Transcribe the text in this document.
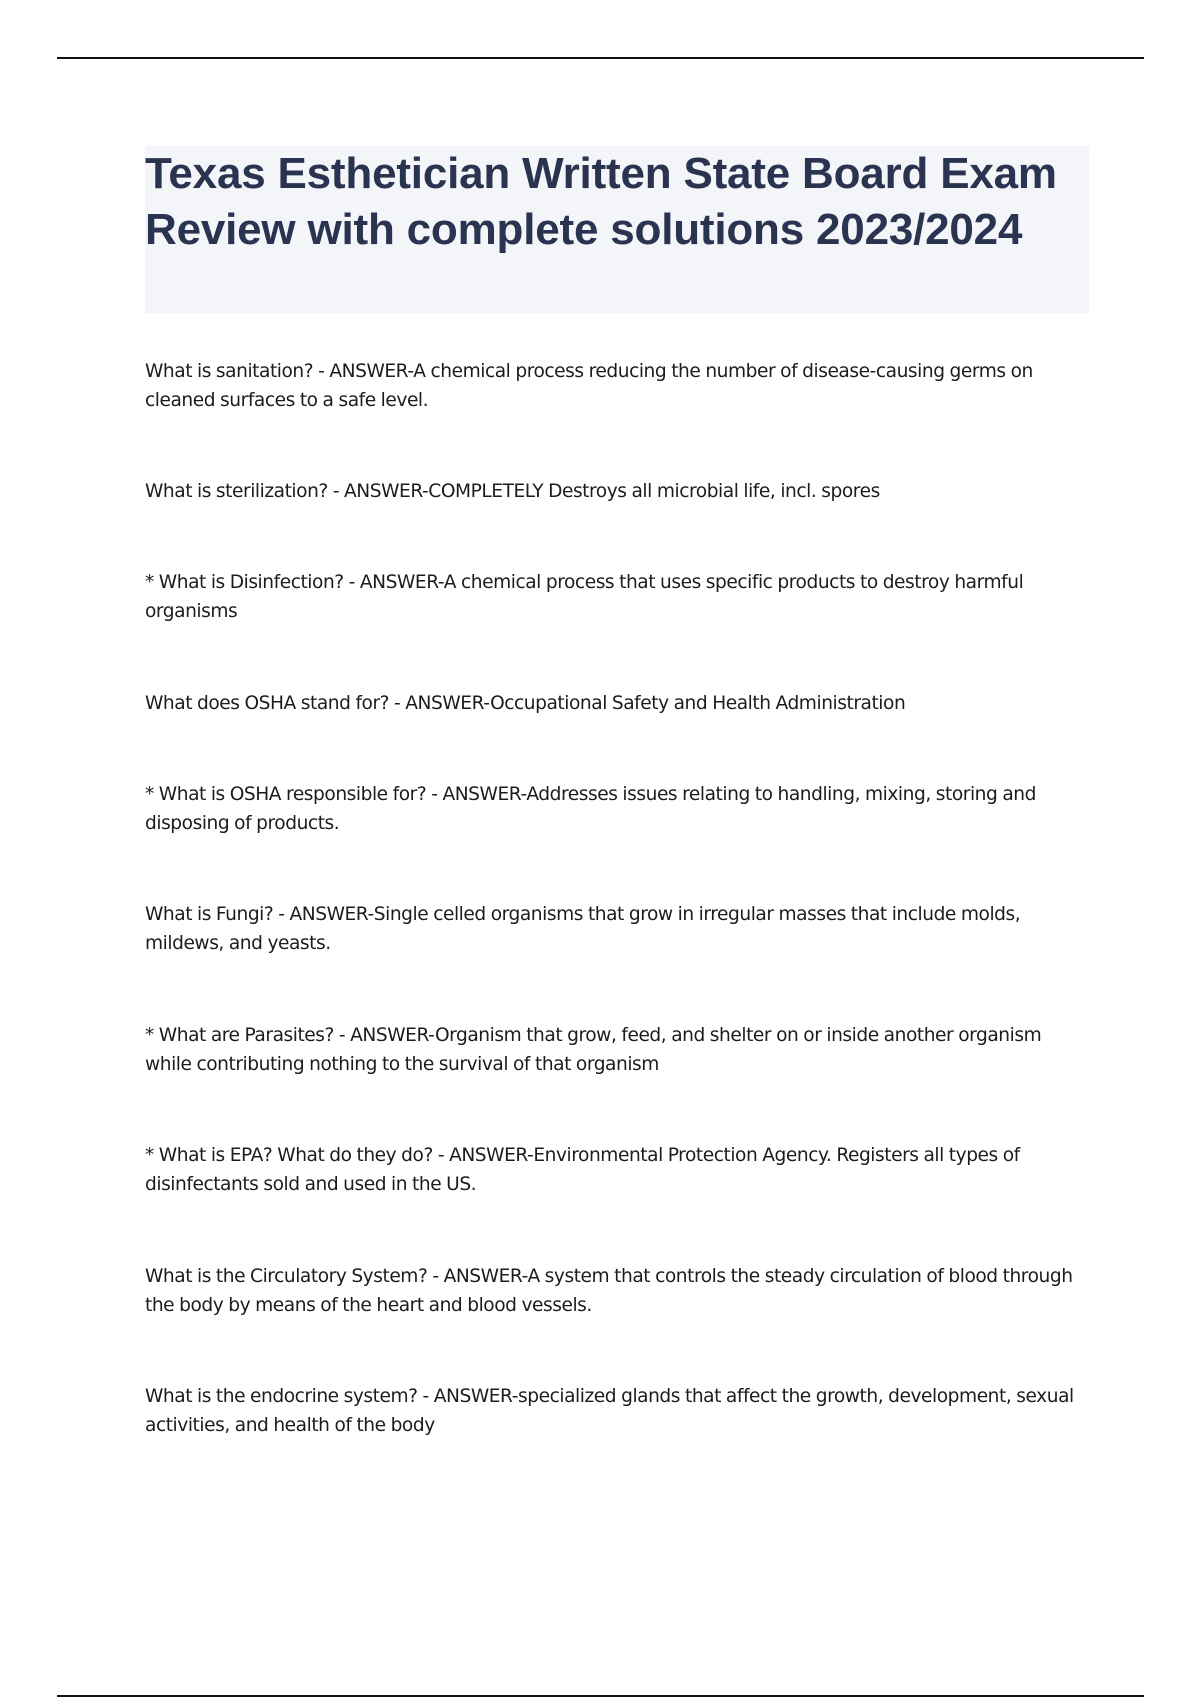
Texas Esthetician Written State Board Exam Review with complete solutions 2023/2024

What is sanitation? - ANSWER-A chemical process reducing the number of disease-causing germs on cleaned surfaces to a safe level.

What is sterilization? - ANSWER-COMPLETELY Destroys all microbial life, incl. spores

* What is Disinfection? - ANSWER-A chemical process that uses specific products to destroy harmful organisms

What does OSHA stand for? - ANSWER-Occupational Safety and Health Administration

* What is OSHA responsible for? - ANSWER-Addresses issues relating to handling, mixing, storing and disposing of products.

What is Fungi? - ANSWER-Single celled organisms that grow in irregular masses that include molds, mildews, and yeasts.

* What are Parasites? - ANSWER-Organism that grow, feed, and shelter on or inside another organism while contributing nothing to the survival of that organism

* What is EPA? What do they do? - ANSWER-Environmental Protection Agency. Registers all types of disinfectants sold and used in the US.

What is the Circulatory System? - ANSWER-A system that controls the steady circulation of blood through the body by means of the heart and blood vessels.

What is the endocrine system? - ANSWER-specialized glands that affect the growth, development, sexual activities, and health of the body
